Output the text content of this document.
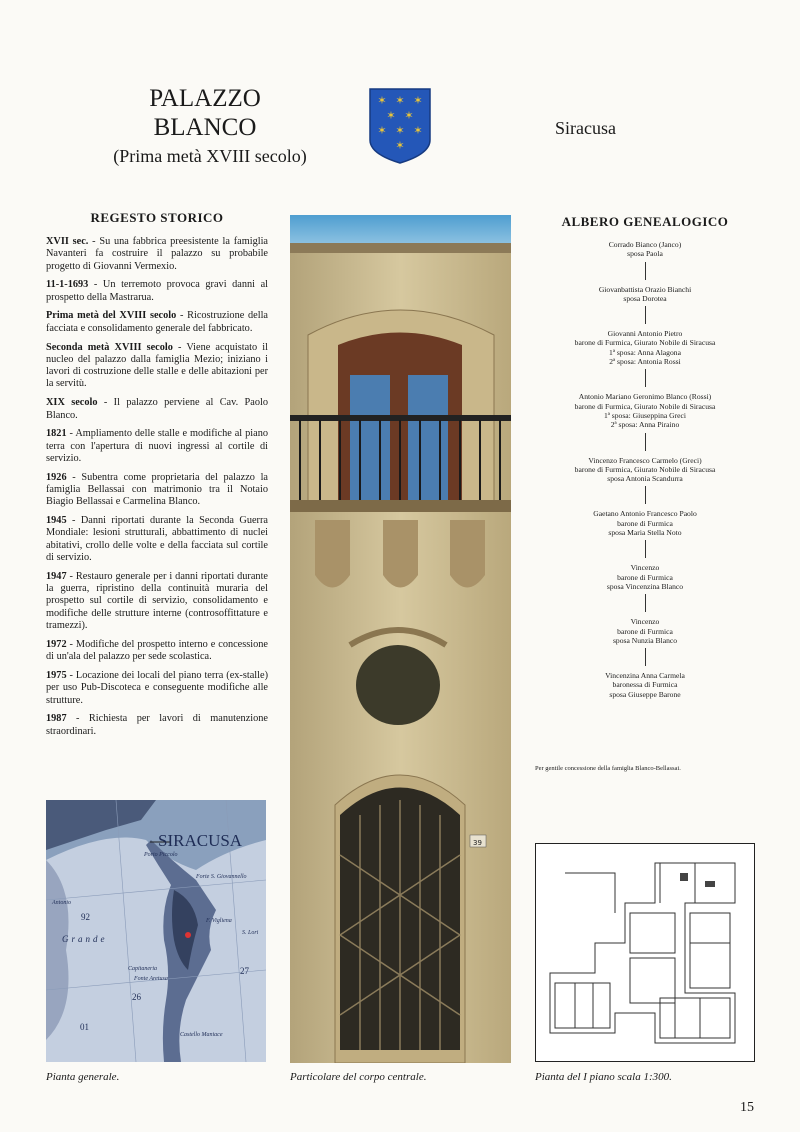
PALAZZO
BLANCO
(Prima metà XVIII secolo)
✶ ✶ ✶
✶ ✶
✶ ✶ ✶
✶
Siracusa
REGESTO STORICO

XVII sec. - Su una fabbrica preesistente la famiglia Navanteri fa costruire il palazzo su probabile progetto di Giovanni Vermexio.

11-1-1693 - Un terremoto provoca gravi danni al prospetto della Mastrarua.

Prima metà del XVIII secolo - Ricostruzione della facciata e consolidamento generale del fabbricato.

Seconda metà XVIII secolo - Viene acquistato il nucleo del palazzo dalla famiglia Mezio; iniziano i lavori di costruzione delle stalle e delle abitazioni per la servitù.

XIX secolo - Il palazzo perviene al Cav. Paolo Blanco.

1821 - Ampliamento delle stalle e modifiche al piano terra con l'apertura di nuovi ingressi al cortile di servizio.

1926 - Subentra come proprietaria del palazzo la famiglia Bellassai con matrimonio tra il Notaio Biagio Bellassai e Carmelina Blanco.

1945 - Danni riportati durante la Seconda Guerra Mondiale: lesioni strutturali, abbattimento di nuclei abitativi, crollo delle volte e della facciata sul cortile di servizio.

1947 - Restauro generale per i danni riportati durante la guerra, ripristino della continuità muraria del prospetto sul cortile di servizio, consolidamento e modifiche delle strutture interne (controsoffittature e tramezzi).

1972 - Modifiche del prospetto interno e concessione di un'ala del palazzo per sede scolastica.

1975 - Locazione dei locali del piano terra (ex-stalle) per uso Pub-Discoteca e conseguente modifiche alle strutture.

1987 - Richiesta per lavori di manutenzione straordinari.

ALBERO GENEALOGICO
Corrado Bianco (Janco)
sposa Paola
Giovanbattista Orazio Bianchi
sposa Dorotea
Giovanni Antonio Pietro
barone di Furmica, Giurato Nobile di Siracusa
1ª sposa: Anna Alagona
2ª sposa: Antonia Rossi
Antonio Mariano Geronimo Blanco (Rossi)
barone di Furmica, Giurato Nobile di Siracusa
1ª sposa: Giuseppina Greci
2ª sposa: Anna Piraino
Vincenzo Francesco Carmelo (Greci)
barone di Furmica, Giurato Nobile di Siracusa
sposa Antonia Scandurra
Gaetano Antonio Francesco Paolo
barone di Furmica
sposa Maria Stella Noto
Vincenzo
barone di Furmica
sposa Vincenzina Blanco
Vincenzo
barone di Furmica
sposa Nunzia Blanco
Vincenzina Anna Carmela
baronessa di Furmica
sposa Giuseppe Barone
Per gentile concessione della famiglia Blanco-Bellassai.
SIRACUSA
Porto Piccolo
Forte S. Giovannello
Antonio
92
Grande
F. Vigliena
S. Lori
Capitaneria
Fonte Aretusa
26
27
01
Castello Maniace
Pianta generale.
39
Particolare del corpo centrale.	Pianta del I piano scala 1:300.
15
